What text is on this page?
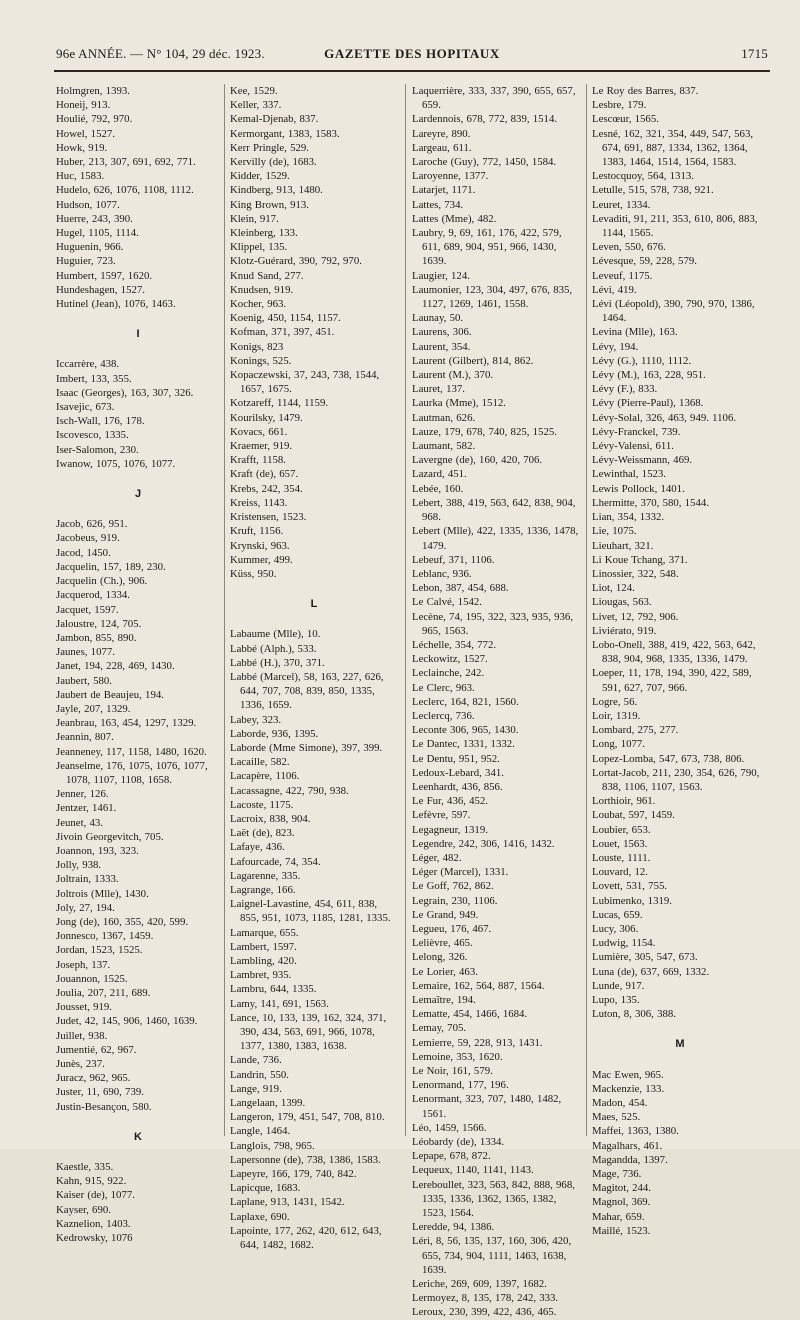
96e ANNÉE. — N° 104, 29 déc. 1923.	GAZETTE DES HOPITAUX	1715
Holmgren, 1393.
Honeij, 913.
Houlié, 792, 970.
Howel, 1527.
Howk, 919.
Huber, 213, 307, 691, 692, 771.
Huc, 1583.
Hudelo, 626, 1076, 1108, 1112.
Hudson, 1077.
Huerre, 243, 390.
Hugel, 1105, 1114.
Huguenin, 966.
Huguier, 723.
Humbert, 1597, 1620.
Hundeshagen, 1527.
Hutinel (Jean), 1076, 1463.
I
Iccarrère, 438.
Imbert, 133, 355.
Isaac (Georges), 163, 307, 326.
Isavejic, 673.
Isch-Wall, 176, 178.
Iscovesco, 1335.
Iser-Salomon, 230.
Iwanow, 1075, 1076, 1077.
J
Jacob, 626, 951.
Jacobeus, 919.
Jacod, 1450.
Jacquelin, 157, 189, 230.
Jacquelin (Ch.), 906.
Jacquerod, 1334.
Jacquet, 1597.
Jaloustre, 124, 705.
Jambon, 855, 890.
Jaunes, 1077.
Janet, 194, 228, 469, 1430.
Jaubert, 580.
Jaubert de Beaujeu, 194.
Jayle, 207, 1329.
Jeanbrau, 163, 454, 1297, 1329.
Jeannin, 807.
Jeanneney, 117, 1158, 1480, 1620.
Jeanselme, 176, 1075, 1076, 1077, 1078, 1107, 1108, 1658.
Jenner, 126.
Jentzer, 1461.
Jeunet, 43.
Jivoin Georgevitch, 705.
Joannon, 193, 323.
Jolly, 938.
Joltrain, 1333.
Joltrois (Mlle), 1430.
Joly, 27, 194.
Jong (de), 160, 355, 420, 599.
Jonnesco, 1367, 1459.
Jordan, 1523, 1525.
Joseph, 137.
Jouannon, 1525.
Joulia, 207, 211, 689.
Jousset, 919.
Judet, 42, 145, 906, 1460, 1639.
Juillet, 938.
Jumentié, 62, 967.
Junès, 237.
Juracz, 962, 965.
Juster, 11, 690, 739.
Justin-Besançon, 580.
K
Kaestle, 335.
Kahn, 915, 922.
Kaiser (de), 1077.
Kayser, 690.
Kaznelion, 1403.
Kedrowsky, 1076
Kee, 1529.
Keller, 337.
Kemal-Djenab, 837.
Kermorgant, 1383, 1583.
Kerr Pringle, 529.
Kervilly (de), 1683.
Kidder, 1529.
Kindberg, 913, 1480.
King Brown, 913.
Klein, 917.
Kleinberg, 133.
Klippel, 135.
Klotz-Guérard, 390, 792, 970.
Knud Sand, 277.
Knudsen, 919.
Kocher, 963.
Koenig, 450, 1154, 1157.
Kofman, 371, 397, 451.
Konigs, 823
Konings, 525.
Kopaczewski, 37, 243, 738, 1544, 1657, 1675.
Kotzareff, 1144, 1159.
Kourilsky, 1479.
Kovacs, 661.
Kraemer, 919.
Krafft, 1158.
Kraft (de), 657.
Krebs, 242, 354.
Kreiss, 1143.
Kristensen, 1523.
Kruft, 1156.
Krynski, 963.
Kummer, 499.
Küss, 950.
L
Labaume (Mlle), 10.
Labbé (Alph.), 533.
Labbé (H.), 370, 371.
Labbé (Marcel), 58, 163, 227, 626, 644, 707, 708, 839, 850, 1335, 1336, 1659.
Labey, 323.
Laborde, 936, 1395.
Laborde (Mme Simone), 397, 399.
Lacaille, 582.
Lacapère, 1106.
Lacassagne, 422, 790, 938.
Lacoste, 1175.
Lacroix, 838, 904.
Laët (de), 823.
Lafaye, 436.
Lafourcade, 74, 354.
Lagarenne, 335.
Lagrange, 166.
Laignel-Lavastine, 454, 611, 838, 855, 951, 1073, 1185, 1281, 1335.
Lamarque, 655.
Lambert, 1597.
Lambling, 420.
Lambret, 935.
Lambru, 644, 1335.
Lamy, 141, 691, 1563.
Lance, 10, 133, 139, 162, 324, 371, 390, 434, 563, 691, 966, 1078, 1377, 1380, 1383, 1638.
Lande, 736.
Landrin, 550.
Lange, 919.
Langelaan, 1399.
Langeron, 179, 451, 547, 708, 810.
Langle, 1464.
Langlois, 798, 965.
Lapersonne (de), 738, 1386, 1583.
Lapeyre, 166, 179, 740, 842.
Lapicque, 1683.
Laplane, 913, 1431, 1542.
Laplaxe, 690.
Lapointe, 177, 262, 420, 612, 643, 644, 1482, 1682.
Laquerrière, 333, 337, 390, 655, 657, 659.
Lardennois, 678, 772, 839, 1514.
Lareyre, 890.
Largeau, 611.
Laroche (Guy), 772, 1450, 1584.
Laroyenne, 1377.
Latarjet, 1171.
Lattes, 734.
Lattes (Mme), 482.
Laubry, 9, 69, 161, 176, 422, 579, 611, 689, 904, 951, 966, 1430, 1639.
Laugier, 124.
Laumonier, 123, 304, 497, 676, 835, 1127, 1269, 1461, 1558.
Launay, 50.
Laurens, 306.
Laurent, 354.
Laurent (Gilbert), 814, 862.
Laurent (M.), 370.
Lauret, 137.
Laurka (Mme), 1512.
Lautman, 626.
Lauze, 179, 678, 740, 825, 1525.
Laumant, 582.
Lavergne (de), 160, 420, 706.
Lazard, 451.
Lebée, 160.
Lebert, 388, 419, 563, 642, 838, 904, 968.
Lebert (Mlle), 422, 1335, 1336, 1478, 1479.
Lebeuf, 371, 1106.
Leblanc, 936.
Lebon, 387, 454, 688.
Le Calvé, 1542.
Lecène, 74, 195, 322, 323, 935, 936, 965, 1563.
Léchelle, 354, 772.
Leckowitz, 1527.
Leclainche, 242.
Le Clerc, 963.
Leclerc, 164, 821, 1560.
Leclercq, 736.
Leconte 306, 965, 1430.
Le Dantec, 1331, 1332.
Le Dentu, 951, 952.
Ledoux-Lebard, 341.
Leenhardt, 436, 856.
Le Fur, 436, 452.
Lefèvre, 597.
Legagneur, 1319.
Legendre, 242, 306, 1416, 1432.
Léger, 482.
Léger (Marcel), 1331.
Le Goff, 762, 862.
Legrain, 230, 1106.
Le Grand, 949.
Legueu, 176, 467.
Lelièvre, 465.
Lelong, 326.
Le Lorier, 463.
Lemaire, 162, 564, 887, 1564.
Lemaître, 194.
Lematte, 454, 1466, 1684.
Lemay, 705.
Lemierre, 59, 228, 913, 1431.
Lemoine, 353, 1620.
Le Noir, 161, 579.
Lenormand, 177, 196.
Lenormant, 323, 707, 1480, 1482, 1561.
Léo, 1459, 1566.
Léobardy (de), 1334.
Lepape, 678, 872.
Lequeux, 1140, 1141, 1143.
Lereboullet, 323, 563, 842, 888, 968, 1335, 1336, 1362, 1365, 1382, 1523, 1564.
Leredde, 94, 1386.
Léri, 8, 56, 135, 137, 160, 306, 420, 655, 734, 904, 1111, 1463, 1638, 1639.
Leriche, 269, 609, 1397, 1682.
Lermoyez, 8, 135, 178, 242, 333.
Leroux, 230, 399, 422, 436, 465.
Le Roy des Barres, 837.
Lesbre, 179.
Lescœur, 1565.
Lesné, 162, 321, 354, 449, 547, 563, 674, 691, 887, 1334, 1362, 1364, 1383, 1464, 1514, 1564, 1583.
Lestocquoy, 564, 1313.
Letulle, 515, 578, 738, 921.
Leuret, 1334.
Levaditi, 91, 211, 353, 610, 806, 883, 1144, 1565.
Leven, 550, 676.
Lévesque, 59, 228, 579.
Leveuf, 1175.
Lévi, 419.
Lévi (Léopold), 390, 790, 970, 1386, 1464.
Levina (Mlle), 163.
Lévy, 194.
Lévy (G.), 1110, 1112.
Lévy (M.), 163, 228, 951.
Lévy (F.), 833.
Lévy (Pierre-Paul), 1368.
Lévy-Solal, 326, 463, 949. 1106.
Lévy-Franckel, 739.
Lévy-Valensi, 611.
Lévy-Weissmann, 469.
Lewinthal, 1523.
Lewis Pollock, 1401.
Lhermitte, 370, 580, 1544.
Lian, 354, 1332.
Lie, 1075.
Lieuhart, 321.
Li Koue Tchang, 371.
Linossier, 322, 548.
Liot, 124.
Liougas, 563.
Livet, 12, 792, 906.
Liviérato, 919.
Lobo-Onell, 388, 419, 422, 563, 642, 838, 904, 968, 1335, 1336, 1479.
Loeper, 11, 178, 194, 390, 422, 589, 591, 627, 707, 966.
Logre, 56.
Loir, 1319.
Lombard, 275, 277.
Long, 1077.
Lopez-Lomba, 547, 673, 738, 806.
Lortat-Jacob, 211, 230, 354, 626, 790, 838, 1106, 1107, 1563.
Lorthioir, 961.
Loubat, 597, 1459.
Loubier, 653.
Louet, 1563.
Louste, 1111.
Louvard, 12.
Lovett, 531, 755.
Lubimenko, 1319.
Lucas, 659.
Lucy, 306.
Ludwig, 1154.
Lumière, 305, 547, 673.
Luna (de), 637, 669, 1332.
Lunde, 917.
Lupo, 135.
Luton, 8, 306, 388.
M
Mac Ewen, 965.
Mackenzie, 133.
Madon, 454.
Maes, 525.
Maffei, 1363, 1380.
Magalhars, 461.
Magandda, 1397.
Mage, 736.
Magitot, 244.
Magnol, 369.
Mahar, 659.
Maillé, 1523.
